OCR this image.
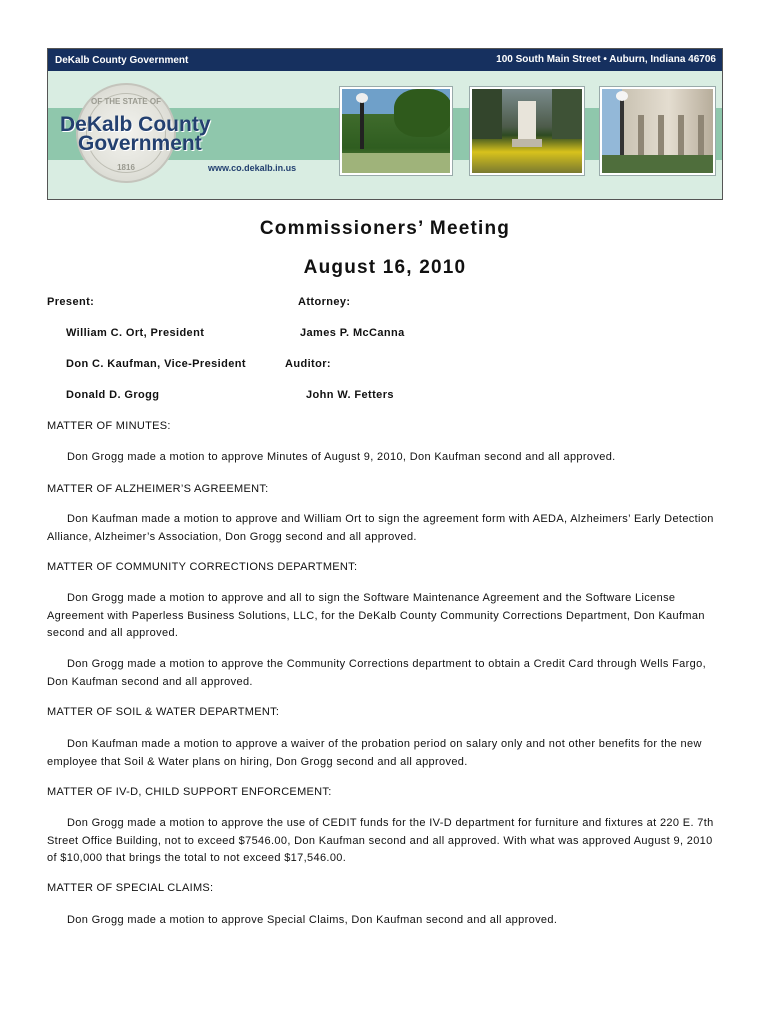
DeKalb County Government	100 South Main Street • Auburn, Indiana 46706
OF THE STATE OF
1816
DeKalb County
Government
www.co.dekalb.in.us
Commissioners’ Meeting
August 16, 2010
Present:	Attorney:
William C. Ort, President	James P. McCanna
Don C. Kaufman, Vice-President	Auditor:
Donald D. Grogg	John W. Fetters
MATTER OF MINUTES:
Don Grogg made a motion to approve Minutes of August 9, 2010, Don Kaufman second and all approved.
MATTER OF ALZHEIMER’S AGREEMENT:
Don Kaufman made a motion to approve and William Ort to sign the agreement form with AEDA, Alzheimers’ Early Detection Alliance, Alzheimer’s Association, Don Grogg second and all approved.
MATTER OF COMMUNITY CORRECTIONS DEPARTMENT:
Don Grogg made a motion to approve and all to sign the Software Maintenance Agreement and the Software License Agreement with Paperless Business Solutions, LLC, for the DeKalb County Community Corrections Department, Don Kaufman second and all approved.
Don Grogg made a motion to approve the Community Corrections department to obtain a Credit Card through Wells Fargo, Don Kaufman second and all approved.
MATTER OF SOIL & WATER DEPARTMENT:
Don Kaufman made a motion to approve a waiver of the probation period on salary only and not other benefits for the new employee that Soil & Water plans on hiring, Don Grogg second and all approved.
MATTER OF IV-D, CHILD SUPPORT ENFORCEMENT:
Don Grogg made a motion to approve the use of CEDIT funds for the IV-D department for furniture and fixtures at 220 E. 7th Street Office Building, not to exceed $7546.00, Don Kaufman second and all approved. With what was approved August 9, 2010 of $10,000 that brings the total to not exceed $17,546.00.
MATTER OF SPECIAL CLAIMS:
Don Grogg made a motion to approve Special Claims, Don Kaufman second and all approved.
